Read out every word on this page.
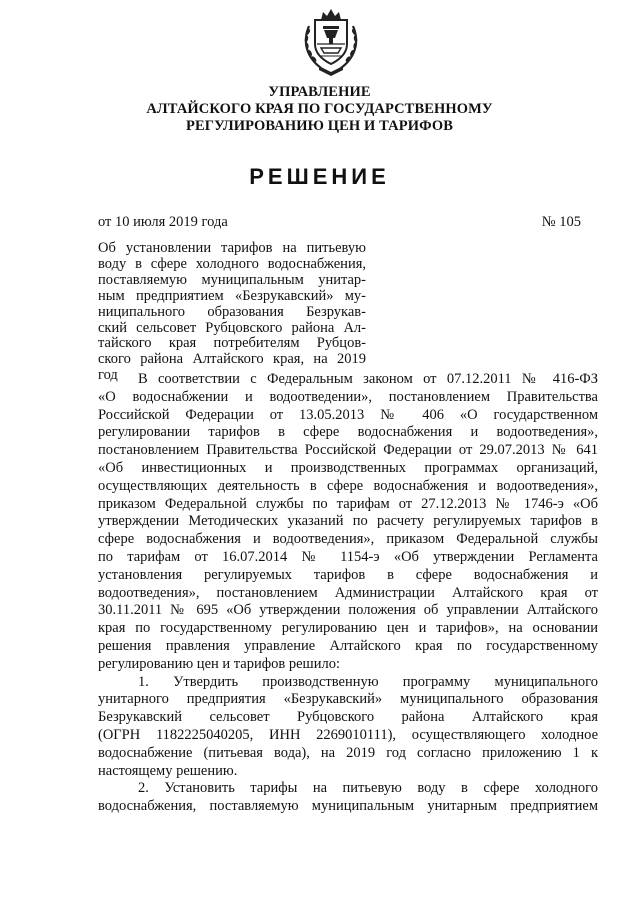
УПРАВЛЕНИЕ
АЛТАЙСКОГО КРАЯ ПО ГОСУДАРСТВЕННОМУ
РЕГУЛИРОВАНИЮ ЦЕН И ТАРИФОВ
РЕШЕНИЕ
от 10 июля 2019 года	№ 105
Об установлении тарифов на питьевую
воду в сфере холодного водоснабжения,
поставляемую муниципальным унитар-
ным предприятием «Безрукавский» му-
ниципального образования Безрукав-
ский сельсовет Рубцовского района Ал-
тайского края потребителям Рубцов-
ского района Алтайского края, на 2019
год	В соответствии с Федеральным законом от 07.12.2011 № 416-ФЗ
«О водоснабжении и водоотведении», постановлением Правительства
Российской Федерации от 13.05.2013 № 406 «О государственном
регулировании тарифов в сфере водоснабжения и водоотведения»,
постановлением Правительства Российской Федерации от 29.07.2013 № 641
«Об инвестиционных и производственных программах организаций,
осуществляющих деятельность в сфере водоснабжения и водоотведения»,
приказом Федеральной службы по тарифам от 27.12.2013 № 1746-э «Об
утверждении Методических указаний по расчету регулируемых тарифов в
сфере водоснабжения и водоотведения», приказом Федеральной службы
по тарифам от 16.07.2014 № 1154-э «Об утверждении Регламента
установления регулируемых тарифов в сфере водоснабжения и
водоотведения», постановлением Администрации Алтайского края от
30.11.2011 № 695 «Об утверждении положения об управлении Алтайского
края по государственному регулированию цен и тарифов», на основании
решения правления управление Алтайского края по государственному
регулированию цен и тарифов решило:
1. Утвердить производственную программу муниципального
унитарного предприятия «Безрукавский» муниципального образования
Безрукавский сельсовет Рубцовского района Алтайского края
(ОГРН 1182225040205, ИНН 2269010111), осуществляющего холодное
водоснабжение (питьевая вода), на 2019 год согласно приложению 1 к
настоящему решению.
2. Установить тарифы на питьевую воду в сфере холодного
водоснабжения, поставляемую муниципальным унитарным предприятием
